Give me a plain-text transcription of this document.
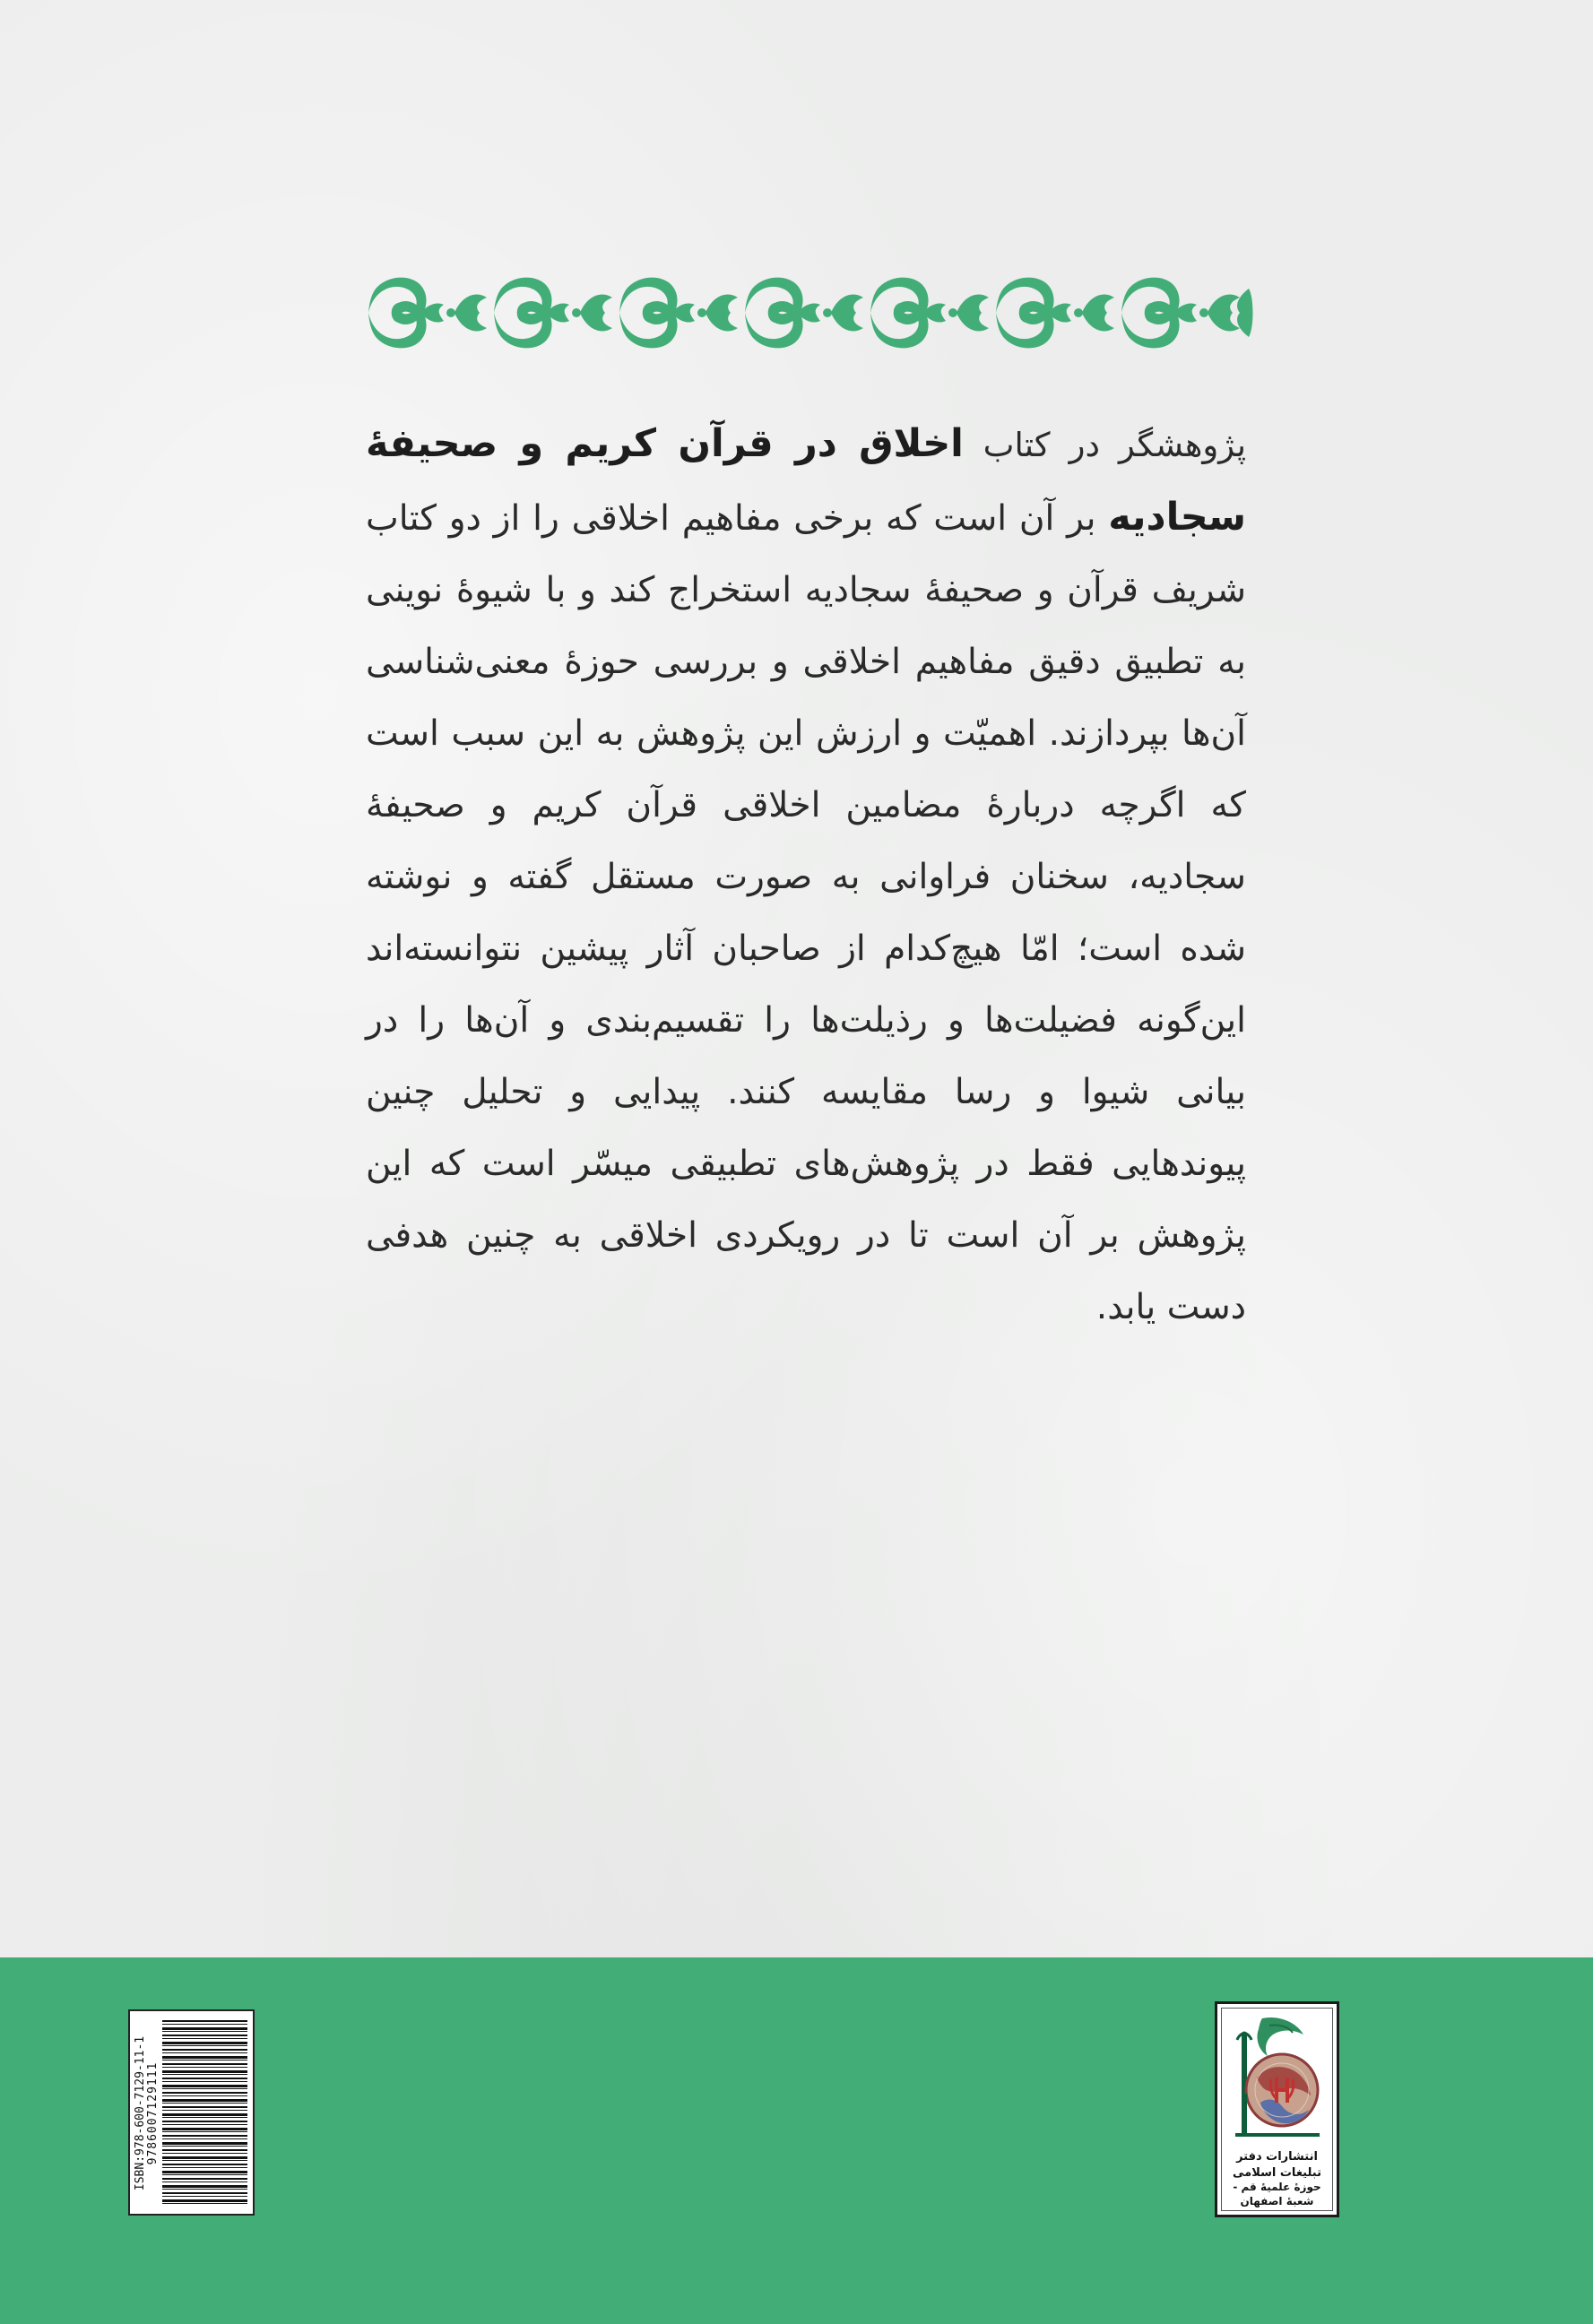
پژوهشگر در کتاب اخلاق در قرآن کریم و صحیفهٔ سجادیه بر آن است که برخی مفاهیم اخلاقی را از دو کتاب شریف قرآن و صحیفهٔ سجادیه استخراج کند و با شیوهٔ نوینی به تطبیق دقیق مفاهیم اخلاقی و بررسی حوزهٔ معنی‌شناسی آن‌ها بپردازند. اهمیّت و ارزش این پژوهش به این سبب است که اگرچه دربارهٔ مضامین اخلاقی قرآن کریم و صحیفهٔ سجادیه، سخنان فراوانی به صورت مستقل گفته و نوشته شده است؛ امّا هیچ‌کدام از صاحبان آثار پیشین نتوانسته‌اند این‌گونه فضیلت‌ها و رذیلت‌ها را تقسیم‌بندی و آن‌ها را در بیانی شیوا و رسا مقایسه کنند. پیدایی و تحلیل چنین پیوندهایی فقط در پژوهش‌های تطبیقی میسّر است که این پژوهش بر آن است تا در رویکردی اخلاقی به چنین هدفی دست یابد.
ISBN:978-600-7129-11-1 9786007129111	انتشارات دفتر تبلیغات اسلامی
حوزهٔ علمیهٔ قم - شعبهٔ اصفهان
